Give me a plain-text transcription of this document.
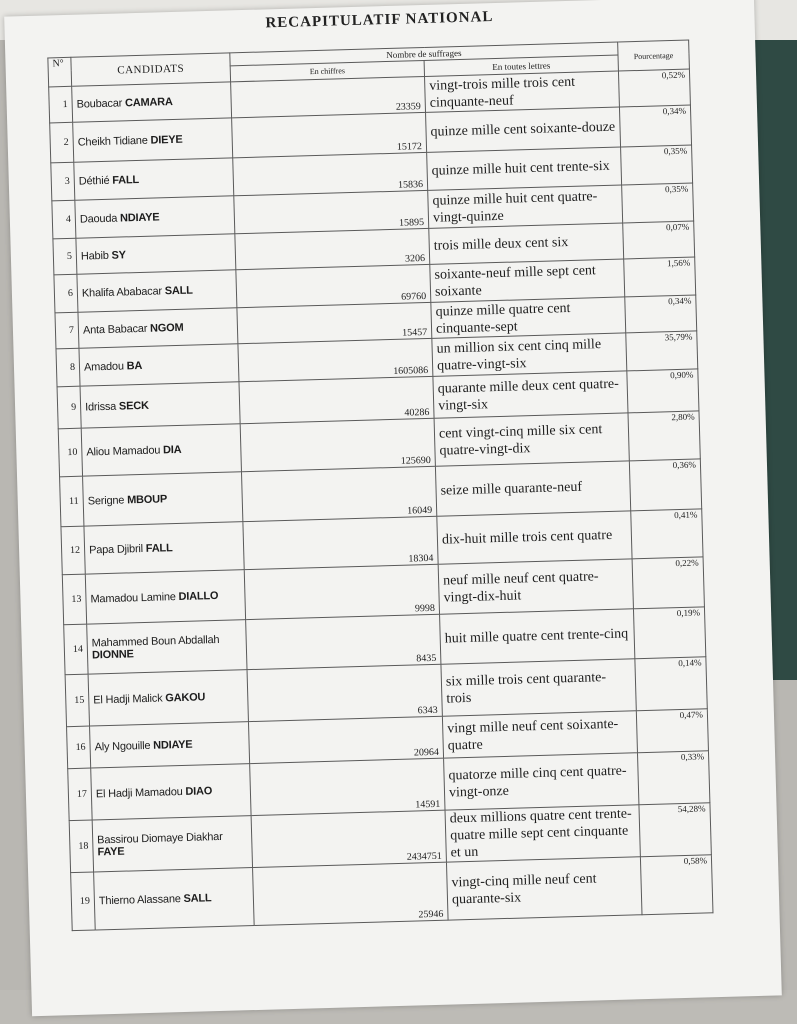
RECAPITULATIF NATIONAL
N°	CANDIDATS	Nombre de suffrages		Pourcentage
		En chiffres	En toutes lettres	
1	Boubacar CAMARA	23359	vingt-trois mille trois cent cinquante-neuf	0,52%
2	Cheikh Tidiane DIEYE	15172	quinze mille cent soixante-douze	0,34%
3	Déthié FALL	15836	quinze mille huit cent trente-six	0,35%
4	Daouda NDIAYE	15895	quinze mille huit cent quatre-vingt-quinze	0,35%
5	Habib SY	3206	trois mille deux cent six	0,07%
6	Khalifa Ababacar SALL	69760	soixante-neuf mille sept cent soixante	1,56%
7	Anta Babacar NGOM	15457	quinze mille quatre cent cinquante-sept	0,34%
8	Amadou BA	1605086	un million six cent cinq mille quatre-vingt-six	35,79%
9	Idrissa SECK	40286	quarante mille deux cent quatre-vingt-six	0,90%
10	Aliou Mamadou DIA	125690	cent vingt-cinq mille six cent quatre-vingt-dix	2,80%
11	Serigne MBOUP	16049	seize mille quarante-neuf	0,36%
12	Papa Djibril FALL	18304	dix-huit mille trois cent quatre	0,41%
13	Mamadou Lamine DIALLO	9998	neuf mille neuf cent quatre-vingt-dix-huit	0,22%
14	Mahammed Boun Abdallah DIONNE	8435	huit mille quatre cent trente-cinq	0,19%
15	El Hadji Malick GAKOU	6343	six mille trois cent quarante-trois	0,14%
16	Aly Ngouille NDIAYE	20964	vingt mille neuf cent soixante-quatre	0,47%
17	El Hadji Mamadou DIAO	14591	quatorze mille cinq cent quatre-vingt-onze	0,33%
18	Bassirou Diomaye Diakhar FAYE	2434751	deux millions quatre cent trente-quatre mille sept cent cinquante et un	54,28%
19	Thierno Alassane SALL	25946	vingt-cinq mille neuf cent quarante-six	0,58%
